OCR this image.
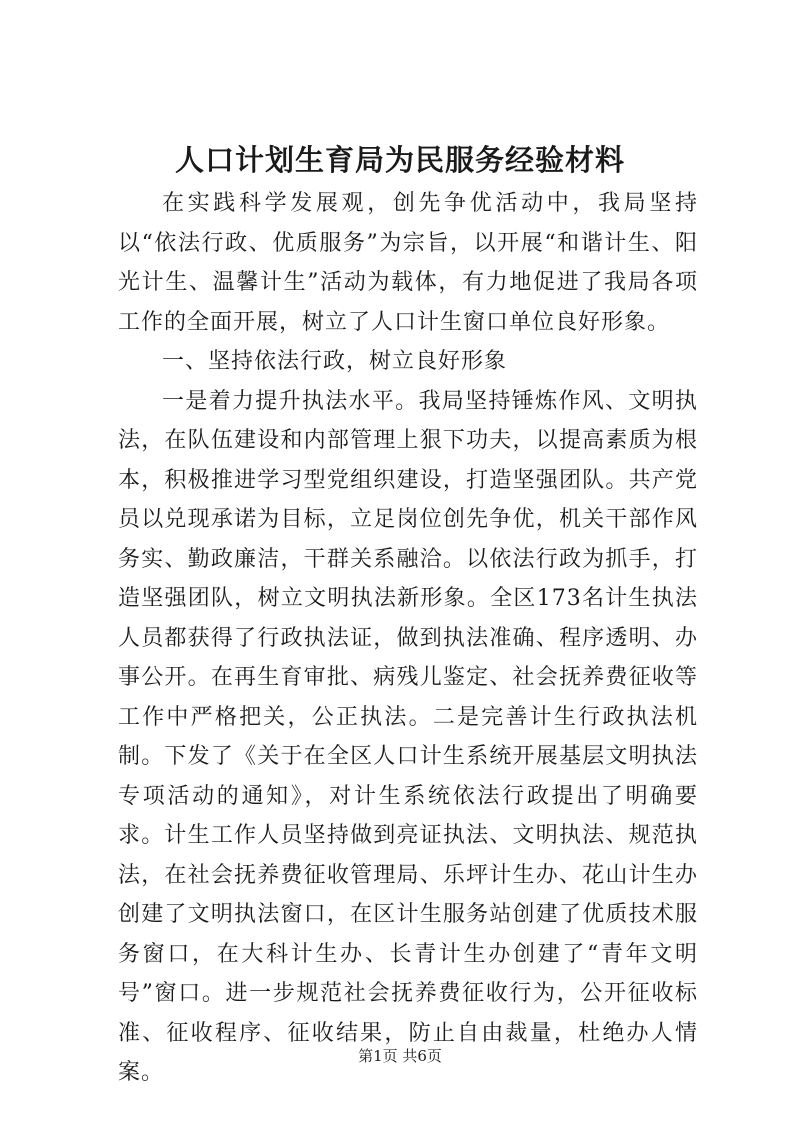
人口计划生育局为民服务经验材料

在实践科学发展观，创先争优活动中，我局坚持以“依法行政、优质服务”为宗旨，以开展“和谐计生、阳光计生、温馨计生”活动为载体，有力地促进了我局各项工作的全面开展，树立了人口计生窗口单位良好形象。

一、坚持依法行政，树立良好形象

一是着力提升执法水平。我局坚持锤炼作风、文明执法，在队伍建设和内部管理上狠下功夫，以提高素质为根本，积极推进学习型党组织建设，打造坚强团队。共产党员以兑现承诺为目标，立足岗位创先争优，机关干部作风务实、勤政廉洁，干群关系融洽。以依法行政为抓手，打造坚强团队，树立文明执法新形象。全区173名计生执法人员都获得了行政执法证，做到执法准确、程序透明、办事公开。在再生育审批、病残儿鉴定、社会抚养费征收等工作中严格把关，公正执法。二是完善计生行政执法机制。下发了《关于在全区人口计生系统开展基层文明执法专项活动的通知》，对计生系统依法行政提出了明确要求。计生工作人员坚持做到亮证执法、文明执法、规范执法，在社会抚养费征收管理局、乐坪计生办、花山计生办创建了文明执法窗口，在区计生服务站创建了优质技术服务窗口，在大科计生办、长青计生办创建了“青年文明号”窗口。进一步规范社会抚养费征收行为，公开征收标准、征收程序、征收结果，防止自由裁量，杜绝办人情案。

第1页 共6页
